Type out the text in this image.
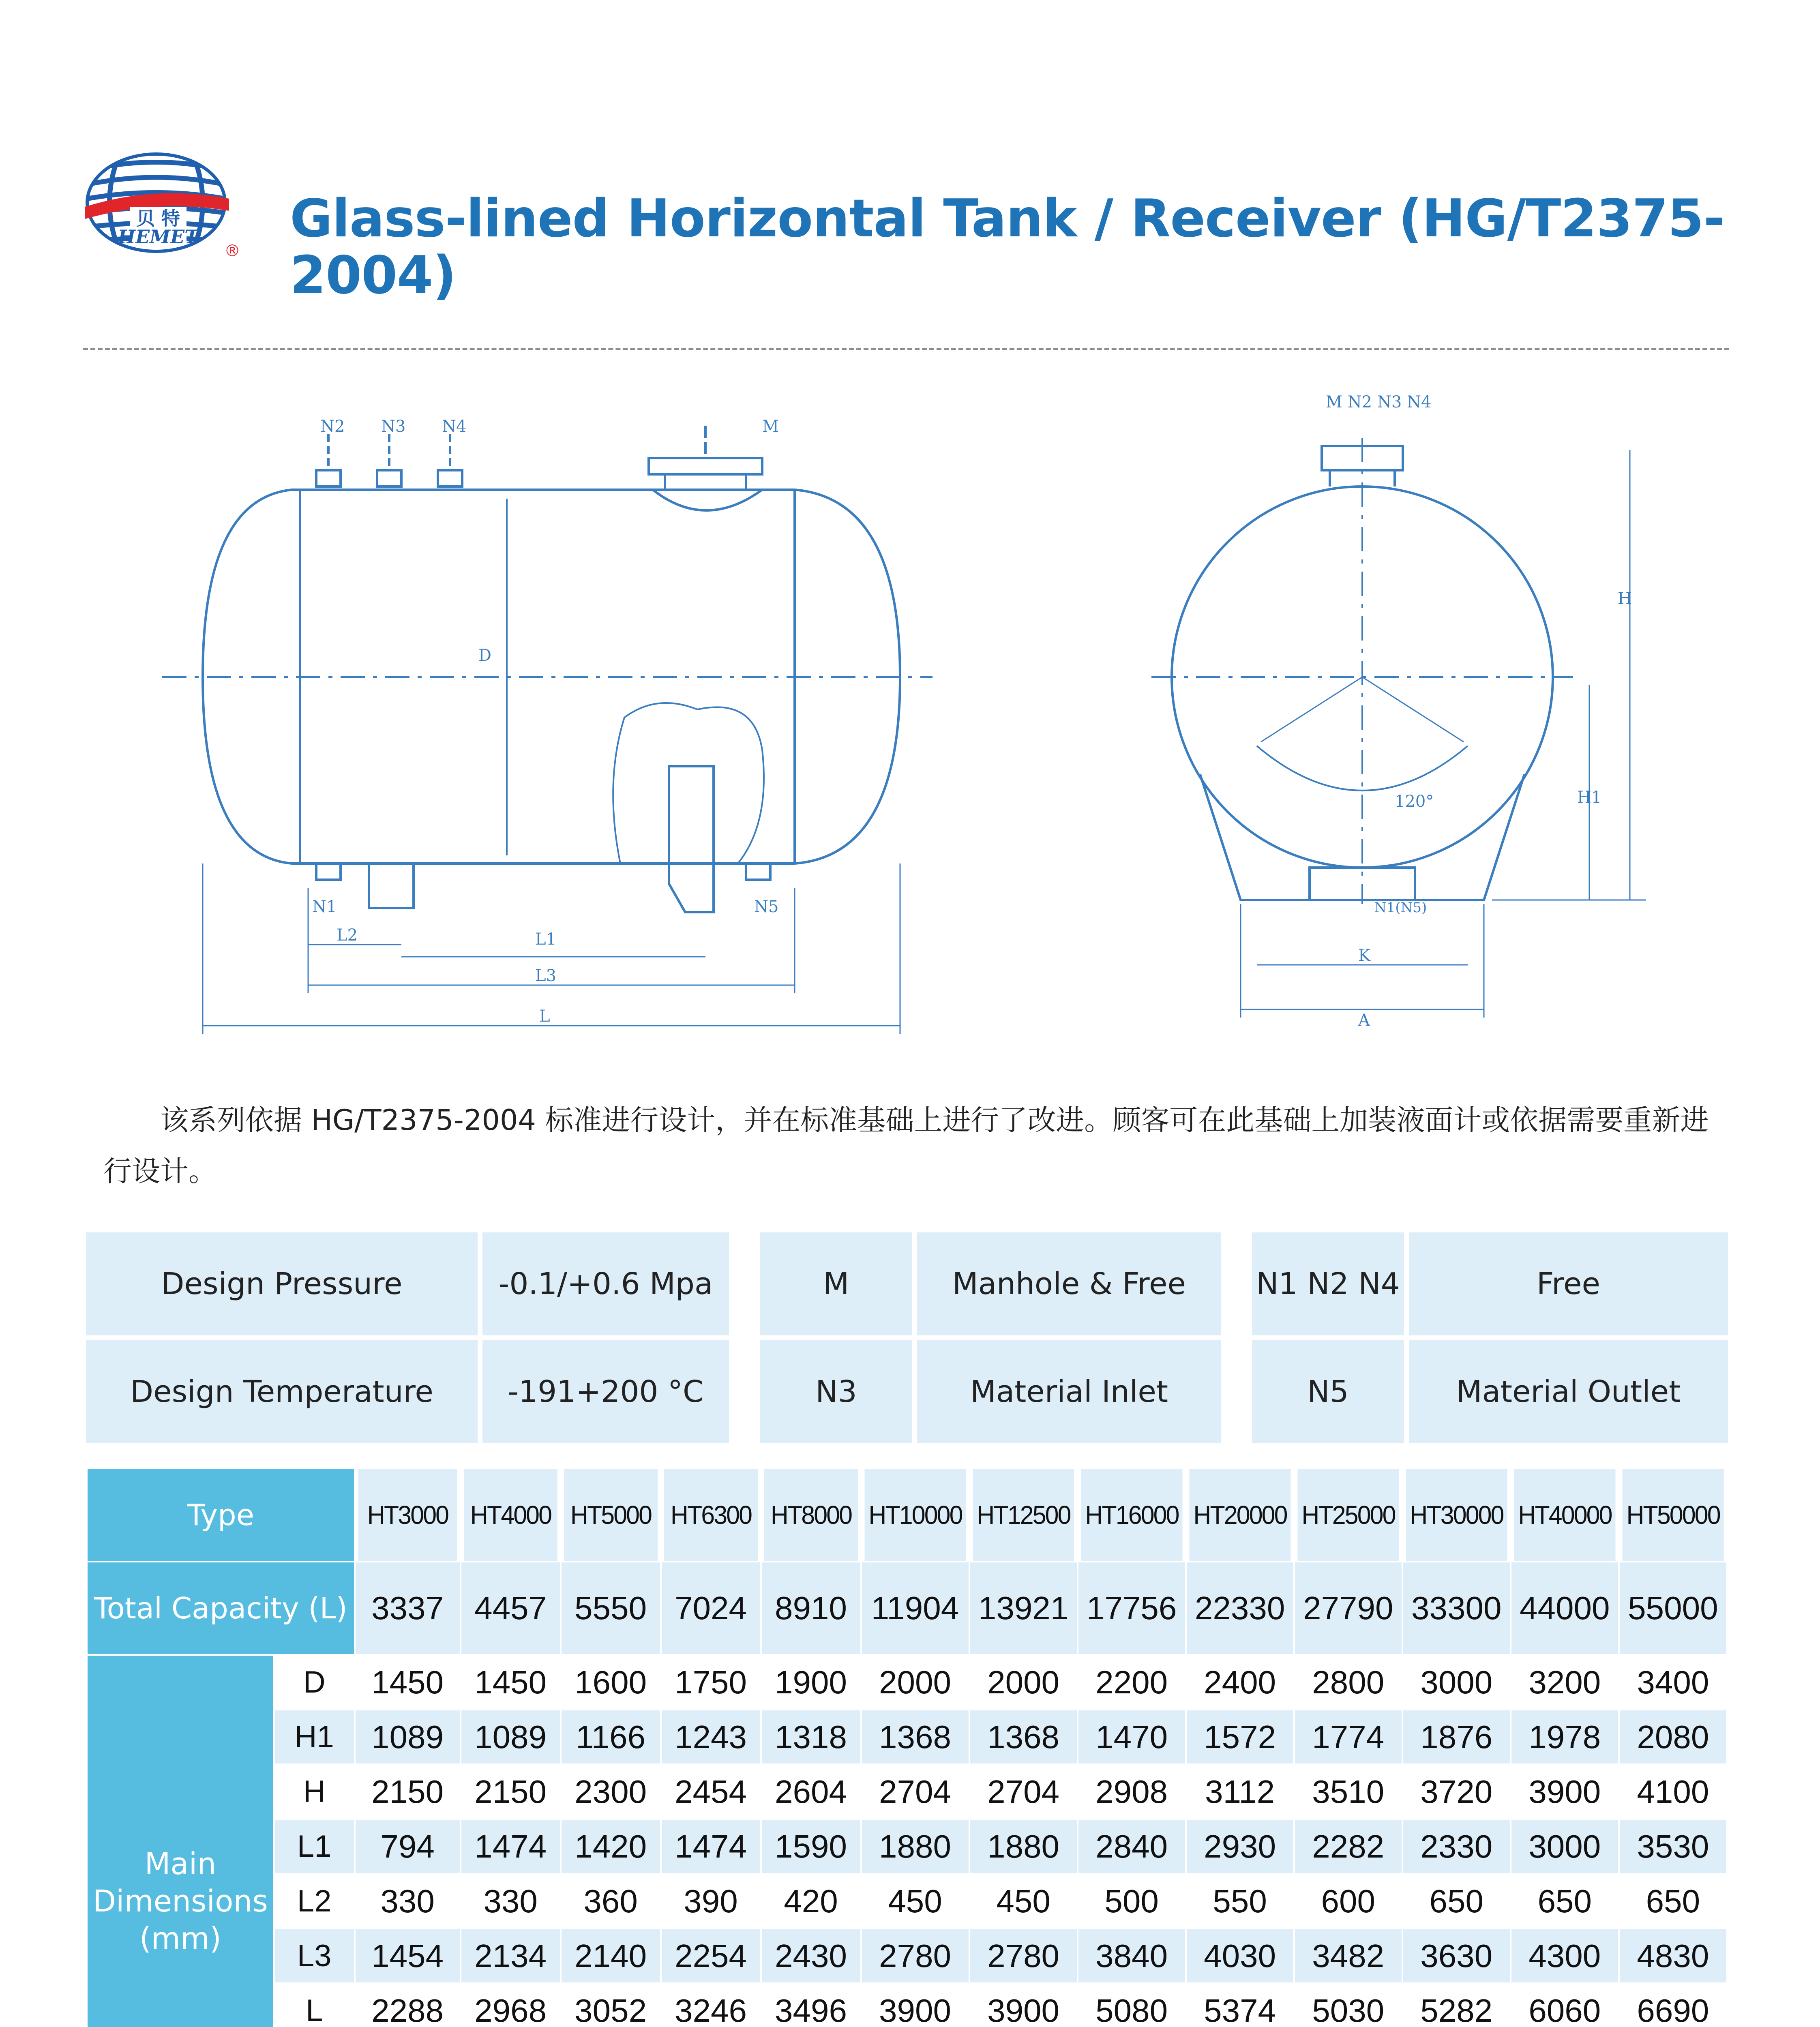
贝 特
HEMET
®
Glass-lined Horizontal Tank / Receiver (HG/T2375-2004)
N2 N3 N4	M
D
N1	N5
L2	L1
L3
L
M N2 N3 N4
H
H1
120°
N1(N5)
K
A
该系列依据 HG/T2375-2004 标准进行设计，并在标准基础上进行了改进。顾客可在此基础上加装液面计或依据需要重新进行设计。
Design Pressure	-0.1/+0.6 Mpa	M	Manhole & Free	N1 N2 N4	Free
Design Temperature	-191+200 °C	N3	Material Inlet	N5	Material Outlet
Type		HT3000	HT4000	HT5000	HT6300	HT8000	HT10000	HT12500	HT16000	HT20000	HT25000	HT30000	HT40000	HT50000
Total Capacity (L)		3337	4457	5550	7024	8910	11904	13921	17756	22330	27790	33300	44000	55000
Main
Dimensions
(mm)	D	1450	1450	1600	1750	1900	2000	2000	2200	2400	2800	3000	3200	3400
	H1	1089	1089	1166	1243	1318	1368	1368	1470	1572	1774	1876	1978	2080
	H	2150	2150	2300	2454	2604	2704	2704	2908	3112	3510	3720	3900	4100
	L1	794	1474	1420	1474	1590	1880	1880	2840	2930	2282	2330	3000	3530
	L2	330	330	360	390	420	450	450	500	550	600	650	650	650
	L3	1454	2134	2140	2254	2430	2780	2780	3840	4030	3482	3630	4300	4830
	L	2288	2968	3052	3246	3496	3900	3900	5080	5374	5030	5282	6060	6690
